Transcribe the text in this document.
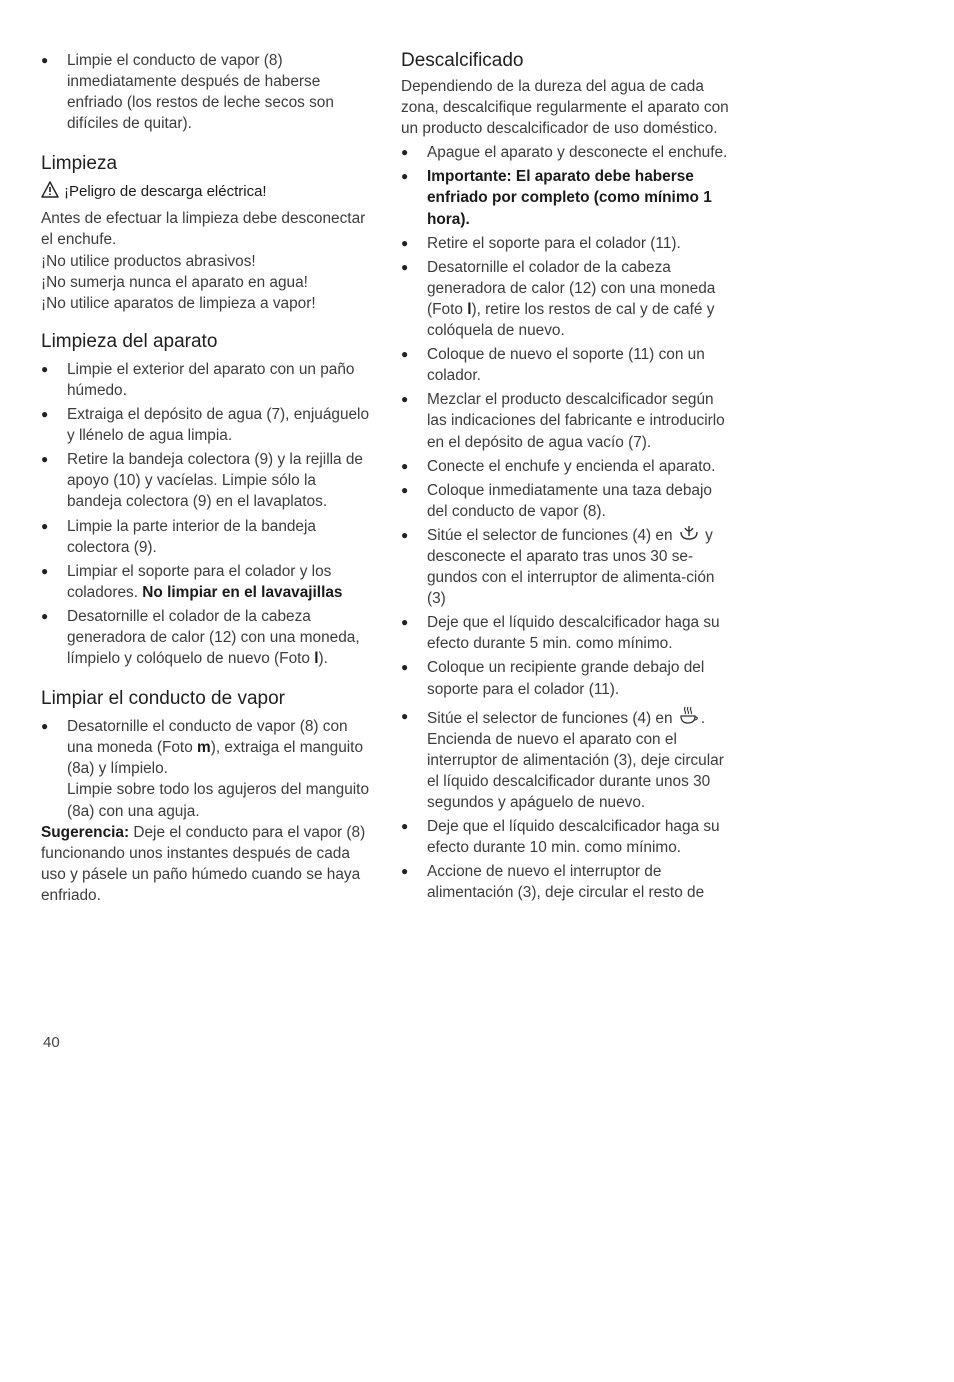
● Limpie el conducto de vapor (8) inmediatamente después de haberse enfriado (los restos de leche secos son difíciles de quitar).
Limpieza

¡Peligro de descarga eléctrica!

Antes de efectuar la limpieza debe desconectar el enchufe.

¡No utilice productos abrasivos!

¡No sumerja nunca el aparato en agua!

¡No utilice aparatos de limpieza a vapor!

Limpieza del aparato
● Limpie el exterior del aparato con un paño húmedo.
● Extraiga el depósito de agua (7), enjuáguelo y llénelo de agua limpia.
● Retire la bandeja colectora (9) y la rejilla de apoyo (10) y vacíelas. Limpie sólo la bandeja colectora (9) en el lavaplatos.
● Limpie la parte interior de la bandeja colectora (9).
● Limpiar el soporte para el colador y los coladores. No limpiar en el lavavajillas
● Desatornille el colador de la cabeza generadora de calor (12) con una moneda, límpielo y colóquelo de nuevo (Foto l).
Limpiar el conducto de vapor
● Desatornille el conducto de vapor (8) con una moneda (Foto m), extraiga el manguito (8a) y límpielo.
Limpie sobre todo los agujeros del manguito (8a) con una aguja.

Sugerencia: Deje el conducto para el vapor (8) funcionando unos instantes después de cada uso y pásele un paño húmedo cuando se haya enfriado.

Descalcificado

Dependiendo de la dureza del agua de cada zona, descalcifique regularmente el aparato con un producto descalcificador de uso doméstico.

● Apague el aparato y desconecte el enchufe.
● Importante: El aparato debe haberse enfriado por completo (como mínimo 1 hora).
● Retire el soporte para el colador (11).
● Desatornille el colador de la cabeza generadora de calor (12) con una moneda (Foto l), retire los restos de cal y de café y colóquela de nuevo.
● Coloque de nuevo el soporte (11) con un colador.
● Mezclar el producto descalcificador según las indicaciones del fabricante e introducirlo en el depósito de agua vacío (7).
● Conecte el enchufe y encienda el aparato.
● Coloque inmediatamente una taza debajo del conducto de vapor (8).
● Sitúe el selector de funciones (4) en  y desconecte el aparato tras unos 30 se-gundos con el interruptor de alimenta-ción (3)
● Deje que el líquido descalcificador haga su efecto durante 5 min. como mínimo.
● Coloque un recipiente grande debajo del soporte para el colador (11).
● Sitúe el selector de funciones (4) en . Encienda de nuevo el aparato con el interruptor de alimentación (3), deje circular el líquido descalcificador durante unos 30 segundos y apáguelo de nuevo.
● Deje que el líquido descalcificador haga su efecto durante 10 min. como mínimo.
● Accione de nuevo el interruptor de alimentación (3), deje circular el resto de
40
